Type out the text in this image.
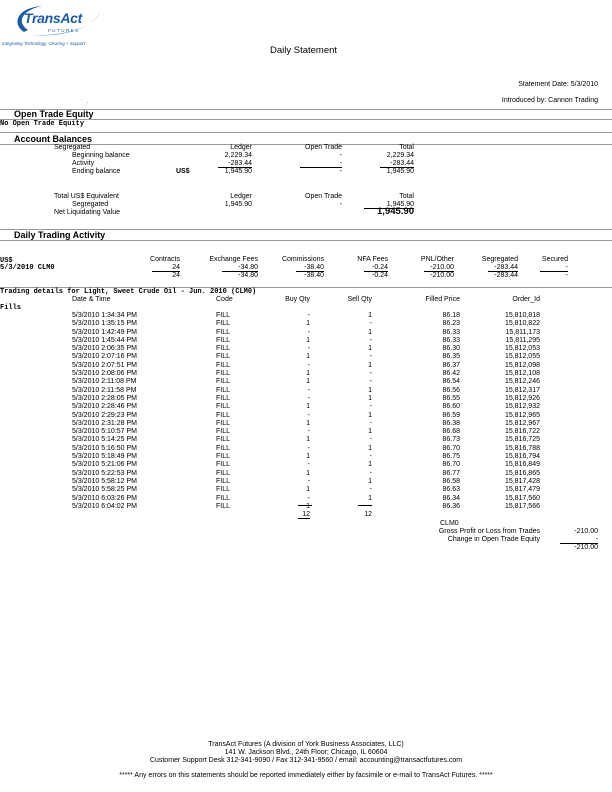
TransAct
FUTURES
Integrating Technology, Clearing + Support
Daily Statement
Statement Date: 5/3/2010
Introduced by: Cannon Trading
.
Open Trade Equity
No Open Trade Equity
Account Balances
Segregated	Ledger	Open Trade	Total
Beginning balance	2,229.34	-	2,229.34
Activity	-283.44	-	-283.44
Ending balance	US$	1,945.90	-	1,945.90
Total US$ Equivalent	Ledger	Open Trade	Total
Segregated	1,945.90	-	1,945.90
Net Liquidating Value	1,945.90
Daily Trading Activity
US$	Contracts	Exchange Fees	Commissions	NFA Fees	PNL/Other	Segregated	Secured
5/3/2010 CLM0	24	-34.80	-38.40	-0.24	-210.00	-283.44	-
24	-34.80	-38.40	-0.24	-210.00	-283.44	-
Trading details for Light, Sweet Crude Oil - Jun. 2010 (CLM0)
Date & Time	Code	Buy Qty	Sell Qty	Filled Price	Order_Id
Fills
	5/3/2010 1:34:34 PM	FILL	-	1	86.18	15,810,818	
	5/3/2010 1:35:15 PM	FILL	1	-	86.23	15,810,822	
	5/3/2010 1:42:49 PM	FILL	-	1	86.33	15,811,173	
	5/3/2010 1:45:44 PM	FILL	1	-	86.33	15,811,295	
	5/3/2010 2:06:35 PM	FILL	-	1	86.30	15,812,053	
	5/3/2010 2:07:16 PM	FILL	1	-	86.35	15,812,055	
	5/3/2010 2:07:51 PM	FILL	-	1	86.37	15,812,098	
	5/3/2010 2:08:06 PM	FILL	1	-	86.42	15,812,108	
	5/3/2010 2:11:08 PM	FILL	1	-	86.54	15,812,246	
	5/3/2010 2:11:58 PM	FILL	-	1	86.56	15,812,317	
	5/3/2010 2:28:05 PM	FILL	-	1	86.55	15,812,926	
	5/3/2010 2:28:46 PM	FILL	1	-	86.60	15,812,932	
	5/3/2010 2:29:23 PM	FILL	-	1	86.59	15,812,965	
	5/3/2010 2:31:28 PM	FILL	1	-	86.38	15,812,967	
	5/3/2010 5:10:57 PM	FILL	-	1	86.68	15,816,722	
	5/3/2010 5:14:25 PM	FILL	1	-	86.73	15,816,725	
	5/3/2010 5:16:50 PM	FILL	-	1	86.70	15,816,788	
	5/3/2010 5:18:49 PM	FILL	1	-	86.75	15,816,794	
	5/3/2010 5:21:06 PM	FILL	-	1	86.70	15,816,849	
	5/3/2010 5:22:53 PM	FILL	1	-	86.77	15,816,865	
	5/3/2010 5:58:12 PM	FILL	-	1	86.58	15,817,428	
	5/3/2010 5:58:25 PM	FILL	1	-	86.63	15,817,479	
	5/3/2010 6:03:26 PM	FILL	-	1	86.34	15,817,560	
	5/3/2010 6:04:02 PM	FILL	1	-	86.36	15,817,566	
12	12
CLM0
Gross Profit or Loss from Trades	-210.00
Change in Open Trade Equity	-
-210.00
TransAct Futures (A division of York Business Associates, LLC)
141 W. Jackson Blvd., 24th Floor; Chicago, IL 60604
Customer Support Desk 312-341-9090 / Fax 312-341-9560 / email: accounting@transactfutures.com
***** Any errors on this statements should be reported immediately either by facsimile or e-mail to TransAct Futures. *****
